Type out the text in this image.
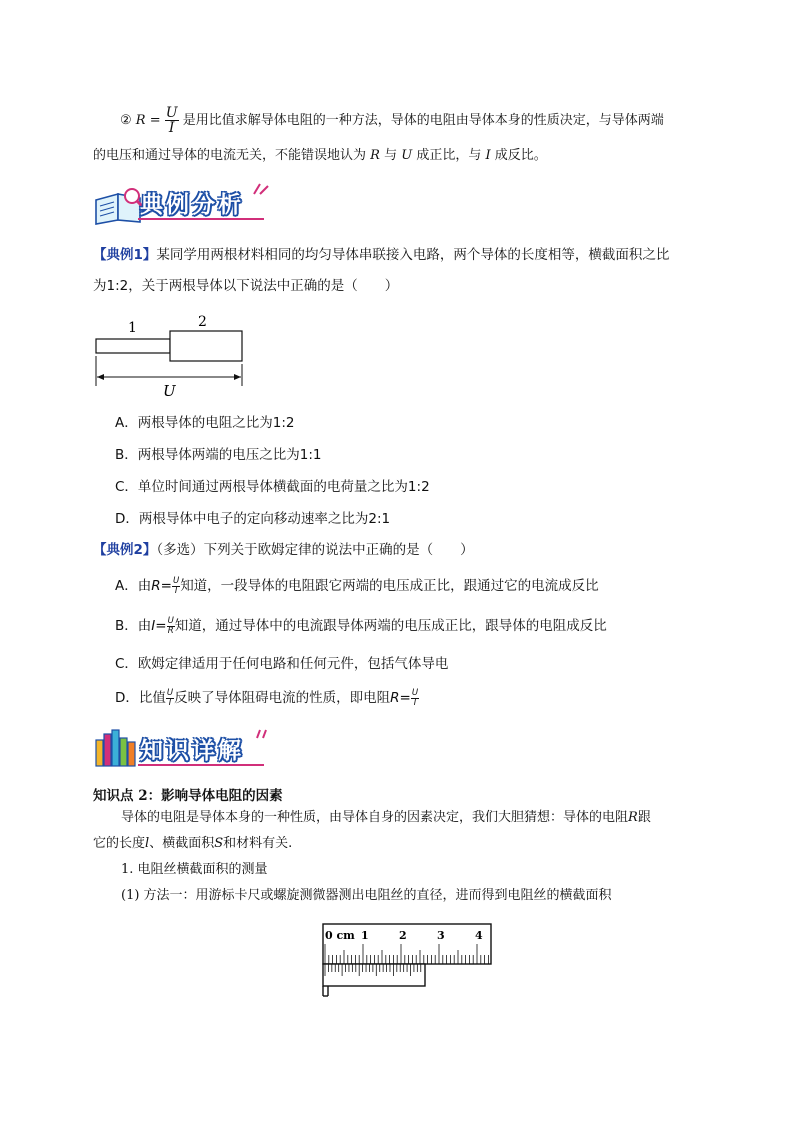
② $R = \frac{U}{I}$ 是用比值求解导体电阻的一种方法，导体的电阻由导体本身的性质决定，与导体两端
的电压和通过导体的电流无关，不能错误地认为 R 与 U 成正比，与 I 成反比。
典例分析
【典例1】某同学用两根材料相同的均匀导体串联接入电路，两个导体的长度相等，横截面积之比
为1:2，关于两根导体以下说法中正确的是（　　）
1	2
U
A．两根导体的电阻之比为1:2
B．两根导体两端的电压之比为1:1
C．单位时间通过两根导体横截面的电荷量之比为1:2
D．两根导体中电子的定向移动速率之比为2:1
【典例2】（多选）下列关于欧姆定律的说法中正确的是（　　）
A．由$R= \frac{U}{I}$ 知道，一段导体的电阻跟它两端的电压成正比，跟通过它的电流成反比
B．由$I= \frac{U}{R}$ 知道，通过导体中的电流跟导体两端的电压成正比，跟导体的电阻成反比
C．欧姆定律适用于任何电路和任何元件，包括气体导电
D．比值 $\frac{U}{I}$ 反映了导体阻碍电流的性质，即电阻$R= \frac{U}{I}$
知识详解
知识点 2：影响导体电阻的因素
导体的电阻是导体本身的一种性质，由导体自身的因素决定，我们大胆猜想：导体的电阻R跟
它的长度l、横截面积S和材料有关.
1. 电阻丝横截面积的测量
(1) 方法一：用游标卡尺或螺旋测微器测出电阻丝的直径，进而得到电阻丝的横截面积
0 cm 1	2	3	4
